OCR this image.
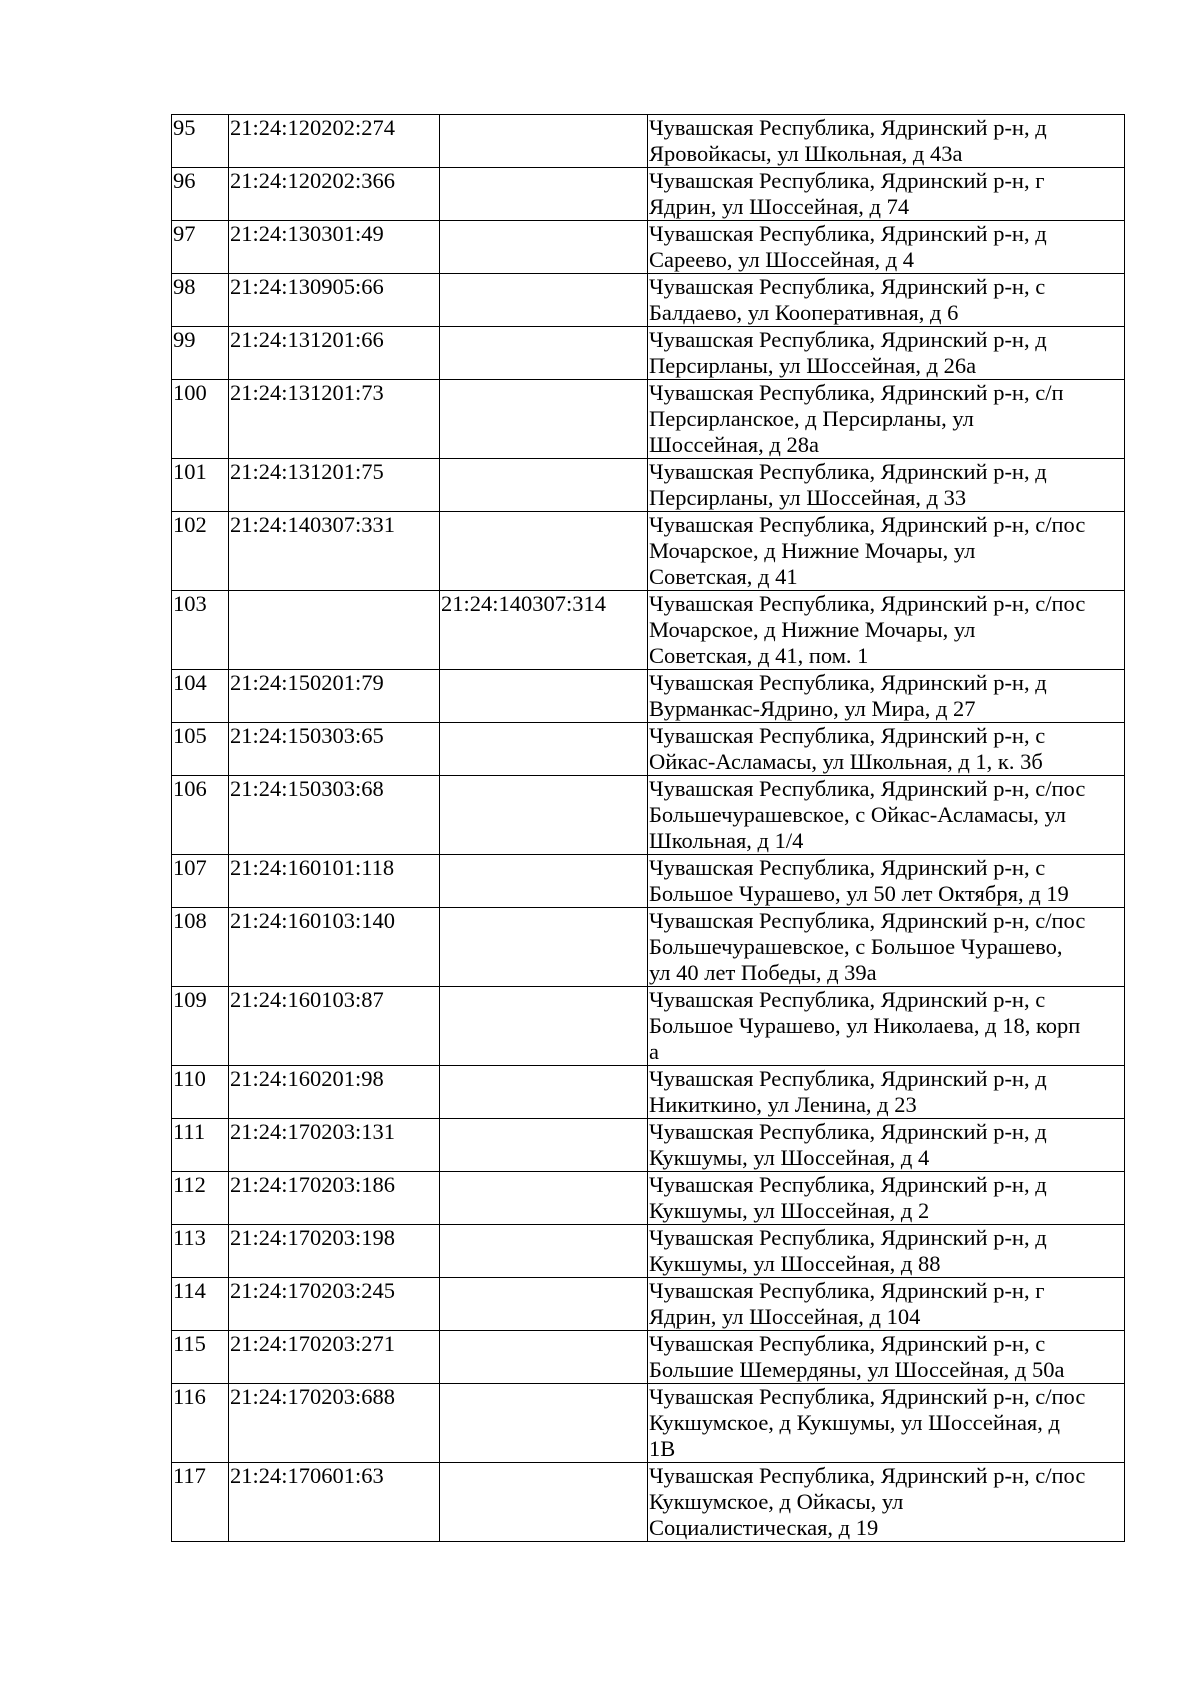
95	21:24:120202:274		Чувашская Республика, Ядринский р-н, д
Яровойкасы, ул Школьная, д 43а

96	21:24:120202:366		Чувашская Республика, Ядринский р-н, г
Ядрин, ул Шоссейная, д 74

97	21:24:130301:49		Чувашская Республика, Ядринский р-н, д
Сареево, ул Шоссейная, д 4

98	21:24:130905:66		Чувашская Республика, Ядринский р-н, с
Балдаево, ул Кооперативная, д 6

99	21:24:131201:66		Чувашская Республика, Ядринский р-н, д
Персирланы, ул Шоссейная, д 26а

100	21:24:131201:73		Чувашская Республика, Ядринский р-н, с/п
Персирланское, д Персирланы, ул
Шоссейная, д 28а

101	21:24:131201:75		Чувашская Республика, Ядринский р-н, д
Персирланы, ул Шоссейная, д 33

102	21:24:140307:331		Чувашская Республика, Ядринский р-н, с/пос
Мочарское, д Нижние Мочары, ул
Советская, д 41

103		21:24:140307:314	Чувашская Республика, Ядринский р-н, с/пос
Мочарское, д Нижние Мочары, ул
Советская, д 41, пом. 1

104	21:24:150201:79		Чувашская Республика, Ядринский р-н, д
Вурманкас-Ядрино, ул Мира, д 27

105	21:24:150303:65		Чувашская Республика, Ядринский р-н, с
Ойкас-Асламасы, ул Школьная, д 1, к. 3б

106	21:24:150303:68		Чувашская Республика, Ядринский р-н, с/пос
Большечурашевское, с Ойкас-Асламасы, ул
Школьная, д 1/4

107	21:24:160101:118		Чувашская Республика, Ядринский р-н, с
Большое Чурашево, ул 50 лет Октября, д 19

108	21:24:160103:140		Чувашская Республика, Ядринский р-н, с/пос
Большечурашевское, с Большое Чурашево,
ул 40 лет Победы, д 39а

109	21:24:160103:87		Чувашская Республика, Ядринский р-н, с
Большое Чурашево, ул Николаева, д 18, корп
а

110	21:24:160201:98		Чувашская Республика, Ядринский р-н, д
Никиткино, ул Ленина, д 23

111	21:24:170203:131		Чувашская Республика, Ядринский р-н, д
Кукшумы, ул Шоссейная, д 4

112	21:24:170203:186		Чувашская Республика, Ядринский р-н, д
Кукшумы, ул Шоссейная, д 2

113	21:24:170203:198		Чувашская Республика, Ядринский р-н, д
Кукшумы, ул Шоссейная, д 88

114	21:24:170203:245		Чувашская Республика, Ядринский р-н, г
Ядрин, ул Шоссейная, д 104

115	21:24:170203:271		Чувашская Республика, Ядринский р-н, с
Большие Шемердяны, ул Шоссейная, д 50а

116	21:24:170203:688		Чувашская Республика, Ядринский р-н, с/пос
Кукшумское, д Кукшумы, ул Шоссейная, д
1В

117	21:24:170601:63		Чувашская Республика, Ядринский р-н, с/пос
Кукшумское, д Ойкасы, ул
Социалистическая, д 19
